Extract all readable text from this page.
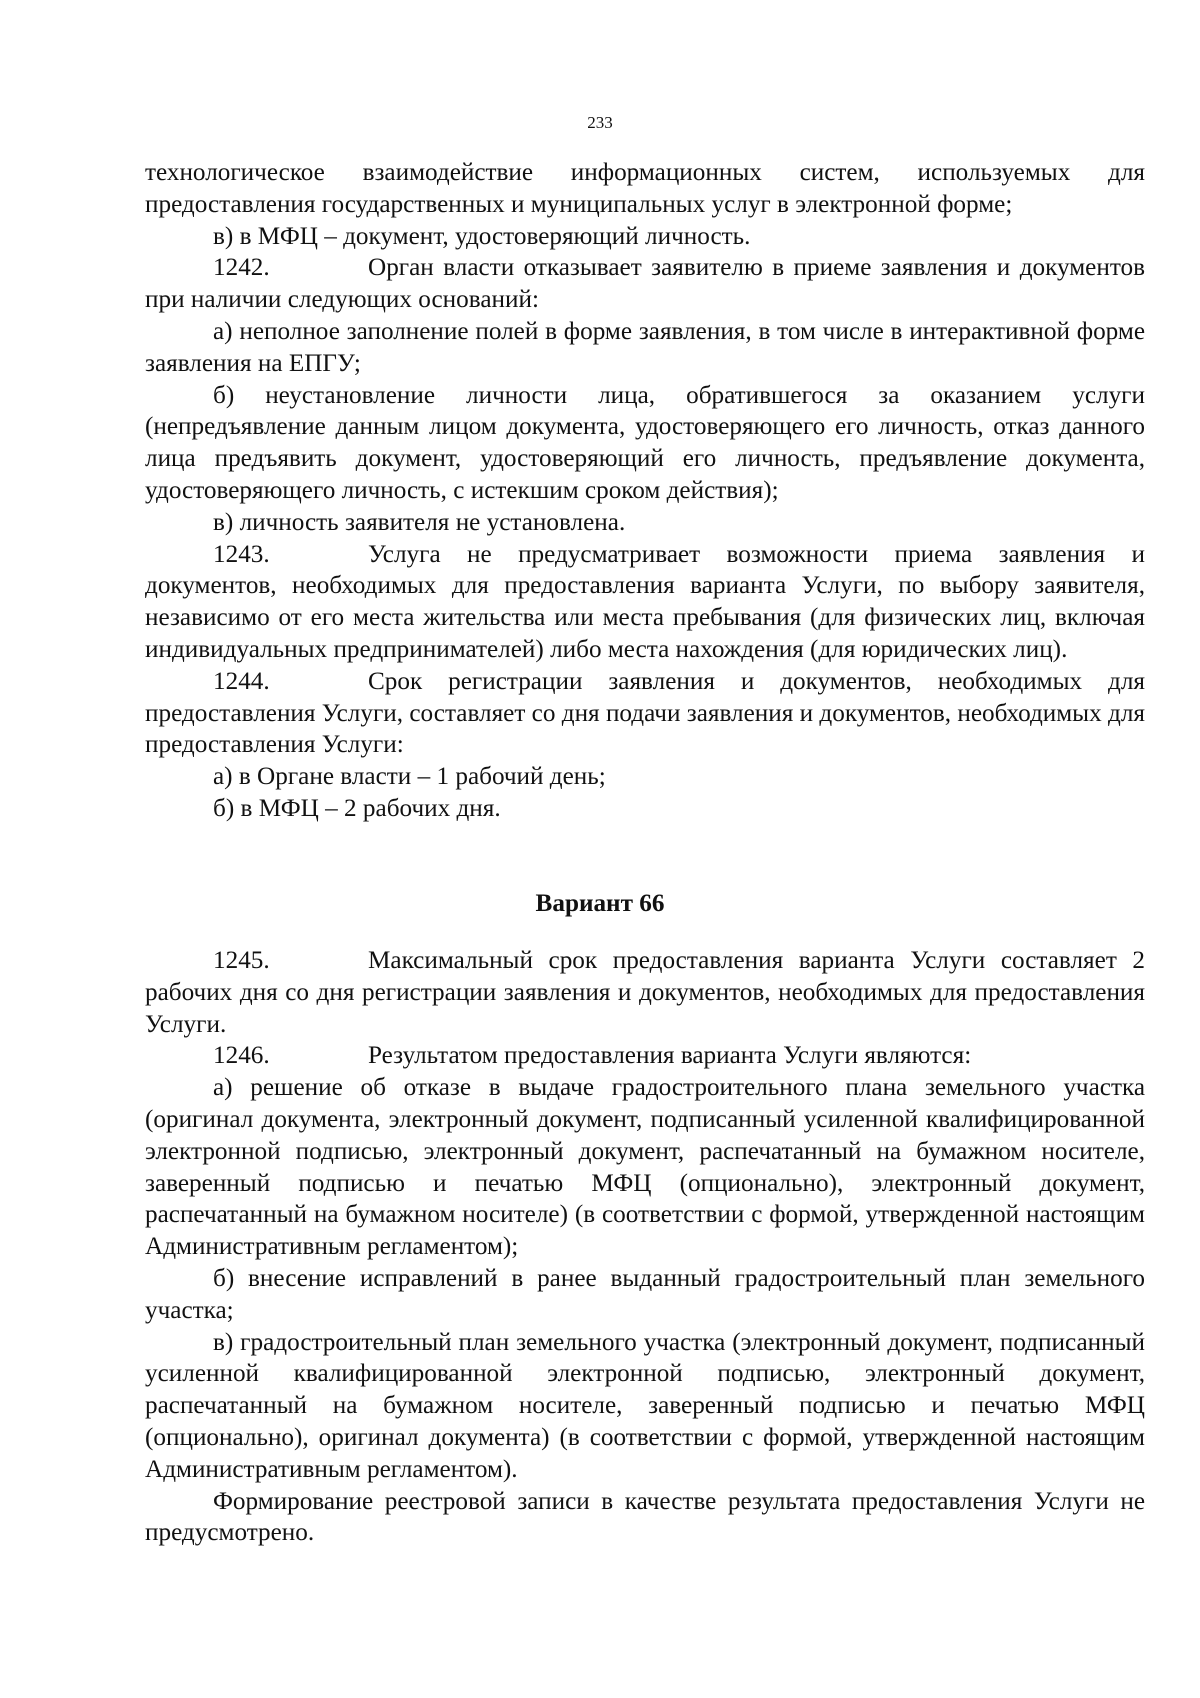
233

технологическое взаимодействие информационных систем, используемых для предоставления государственных и муниципальных услуг в электронной форме;

в) в МФЦ – документ, удостоверяющий личность.

1242.	Орган власти отказывает заявителю в приеме заявления и документов при наличии следующих оснований:

а) неполное заполнение полей в форме заявления, в том числе в интерактивной форме заявления на ЕПГУ;

б) неустановление личности лица, обратившегося за оказанием услуги (непредъявление данным лицом документа, удостоверяющего его личность, отказ данного лица предъявить документ, удостоверяющий его личность, предъявление документа, удостоверяющего личность, с истекшим сроком действия);

в) личность заявителя не установлена.

1243.	Услуга не предусматривает возможности приема заявления и документов, необходимых для предоставления варианта Услуги, по выбору заявителя, независимо от его места жительства или места пребывания (для физических лиц, включая индивидуальных предпринимателей) либо места нахождения (для юридических лиц).

1244.	Срок регистрации заявления и документов, необходимых для предоставления Услуги, составляет со дня подачи заявления и документов, необходимых для предоставления Услуги:

а) в Органе власти – 1 рабочий день;

б) в МФЦ – 2 рабочих дня.

Вариант 66

1245.	Максимальный срок предоставления варианта Услуги составляет 2 рабочих дня со дня регистрации заявления и документов, необходимых для предоставления Услуги.

1246.	Результатом предоставления варианта Услуги являются:

а) решение об отказе в выдаче градостроительного плана земельного участка (оригинал документа, электронный документ, подписанный усиленной квалифицированной электронной подписью, электронный документ, распечатанный на бумажном носителе, заверенный подписью и печатью МФЦ (опционально), электронный документ, распечатанный на бумажном носителе) (в соответствии с формой, утвержденной настоящим Административным регламентом);

б) внесение исправлений в ранее выданный градостроительный план земельного участка;

в) градостроительный план земельного участка (электронный документ, подписанный усиленной квалифицированной электронной подписью, электронный документ, распечатанный на бумажном носителе, заверенный подписью и печатью МФЦ (опционально), оригинал документа) (в соответствии с формой, утвержденной настоящим Административным регламентом).

Формирование реестровой записи в качестве результата предоставления Услуги не предусмотрено.
